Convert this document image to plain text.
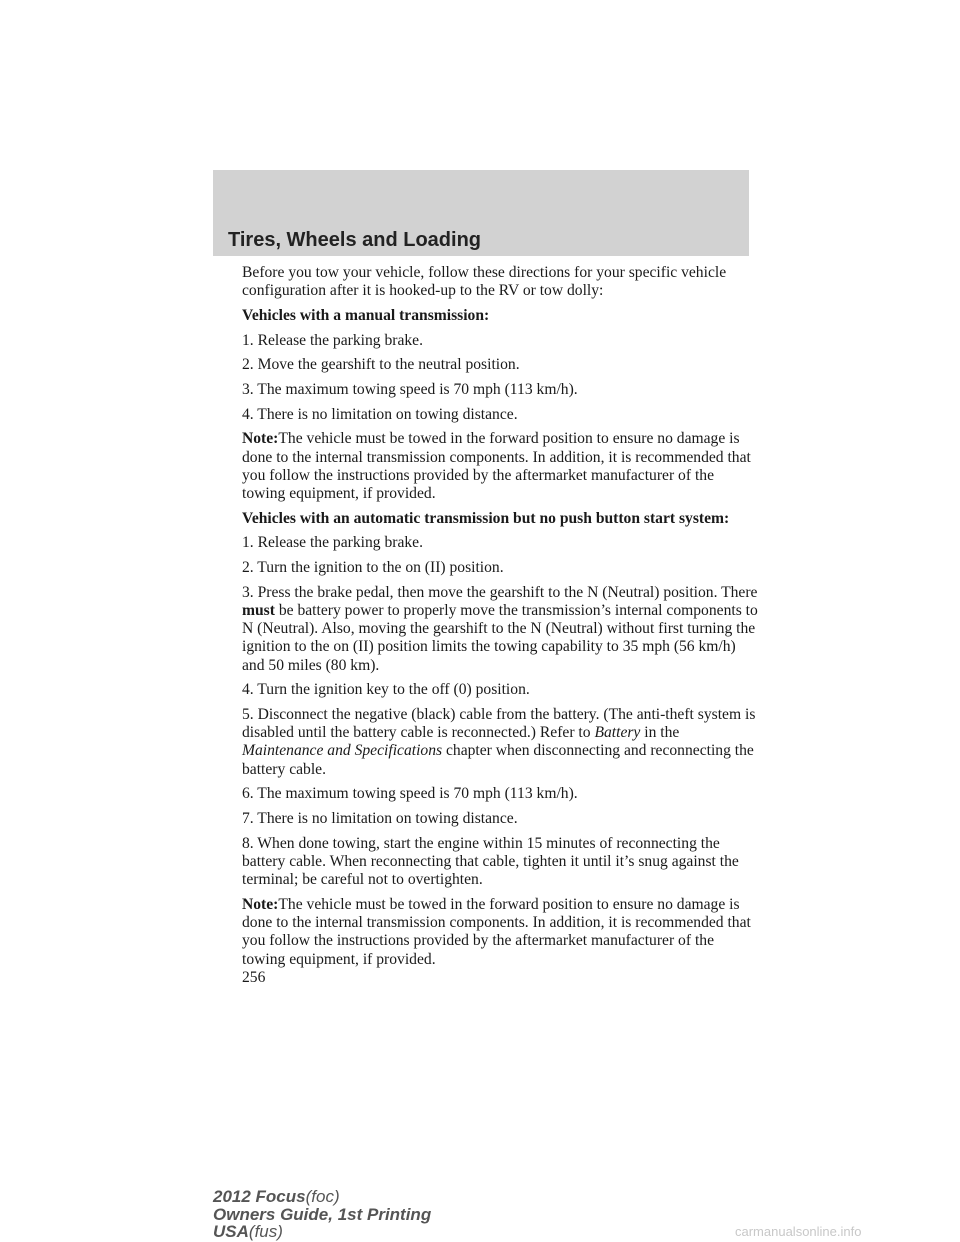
Tires, Wheels and Loading

Before you tow your vehicle, follow these directions for your specific vehicle configuration after it is hooked-up to the RV or tow dolly:

Vehicles with a manual transmission:

1. Release the parking brake.

2. Move the gearshift to the neutral position.

3. The maximum towing speed is 70 mph (113 km/h).

4. There is no limitation on towing distance.

Note:The vehicle must be towed in the forward position to ensure no damage is done to the internal transmission components. In addition, it is recommended that you follow the instructions provided by the aftermarket manufacturer of the towing equipment, if provided.

Vehicles with an automatic transmission but no push button start system:

1. Release the parking brake.

2. Turn the ignition to the on (II) position.

3. Press the brake pedal, then move the gearshift to the N (Neutral) position. There must be battery power to properly move the transmission’s internal components to N (Neutral). Also, moving the gearshift to the N (Neutral) without first turning the ignition to the on (II) position limits the towing capability to 35 mph (56 km/h) and 50 miles (80 km).

4. Turn the ignition key to the off (0) position.

5. Disconnect the negative (black) cable from the battery. (The anti-theft system is disabled until the battery cable is reconnected.) Refer to Battery in the Maintenance and Specifications chapter when disconnecting and reconnecting the battery cable.

6. The maximum towing speed is 70 mph (113 km/h).

7. There is no limitation on towing distance.

8. When done towing, start the engine within 15 minutes of reconnecting the battery cable. When reconnecting that cable, tighten it until it’s snug against the terminal; be careful not to overtighten.

Note:The vehicle must be towed in the forward position to ensure no damage is done to the internal transmission components. In addition, it is recommended that you follow the instructions provided by the aftermarket manufacturer of the towing equipment, if provided.

256
2012 Focus(foc)
Owners Guide, 1st Printing
USA(fus)	carmanualsonline.info
